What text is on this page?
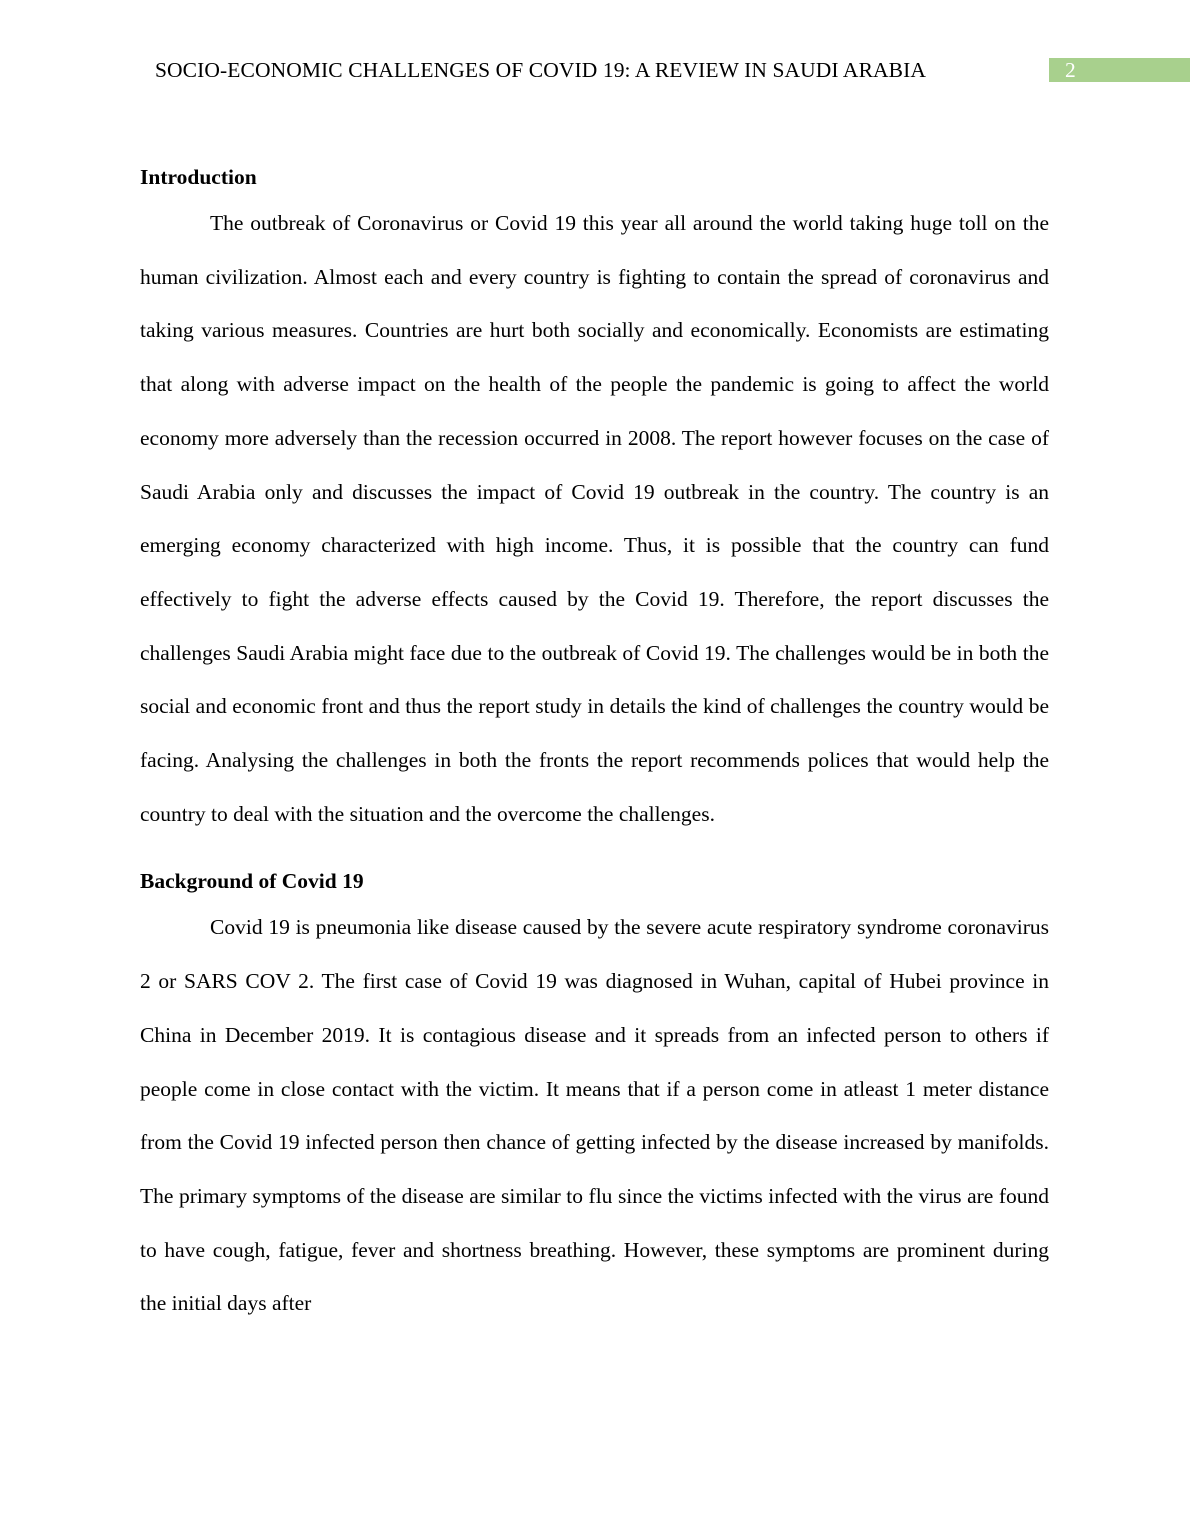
SOCIO-ECONOMIC CHALLENGES OF COVID 19: A REVIEW IN SAUDI ARABIA	2
Introduction

The outbreak of Coronavirus or Covid 19 this year all around the world taking huge toll on the human civilization. Almost each and every country is fighting to contain the spread of coronavirus and taking various measures. Countries are hurt both socially and economically. Economists are estimating that along with adverse impact on the health of the people the pandemic is going to affect the world economy more adversely than the recession occurred in 2008. The report however focuses on the case of Saudi Arabia only and discusses the impact of Covid 19 outbreak in the country. The country is an emerging economy characterized with high income. Thus, it is possible that the country can fund effectively to fight the adverse effects caused by the Covid 19. Therefore, the report discusses the challenges Saudi Arabia might face due to the outbreak of Covid 19. The challenges would be in both the social and economic front and thus the report study in details the kind of challenges the country would be facing. Analysing the challenges in both the fronts the report recommends polices that would help the country to deal with the situation and the overcome the challenges.

Background of Covid 19

Covid 19 is pneumonia like disease caused by the severe acute respiratory syndrome coronavirus 2 or SARS COV 2. The first case of Covid 19 was diagnosed in Wuhan, capital of Hubei province in China in December 2019. It is contagious disease and it spreads from an infected person to others if people come in close contact with the victim. It means that if a person come in atleast 1 meter distance from the Covid 19 infected person then chance of getting infected by the disease increased by manifolds. The primary symptoms of the disease are similar to flu since the victims infected with the virus are found to have cough, fatigue, fever and shortness breathing. However, these symptoms are prominent during the initial days after
